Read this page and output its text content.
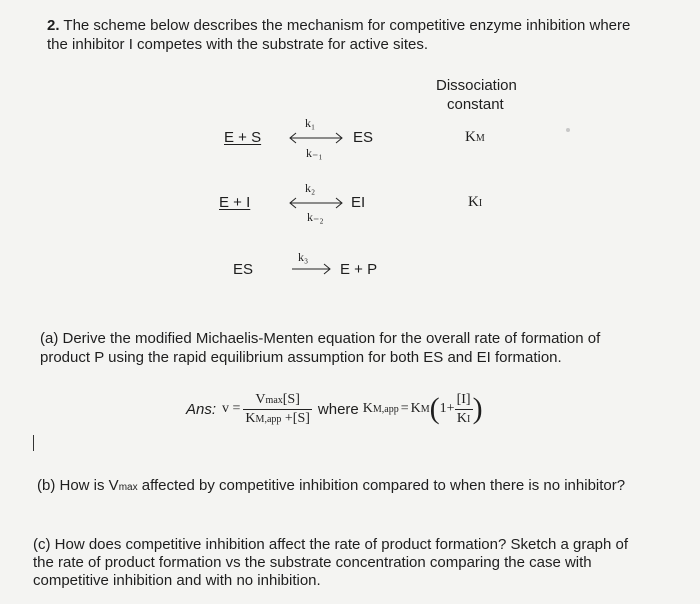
2. The scheme below describes the mechanism for competitive enzyme inhibition where
the inhibitor I competes with the substrate for active sites.
Dissociation
constant
E + S
k₁
k₋₁
ES	KM
E + I
k₂
k₋₂
EI	KI
ES
k₃
E + P
(a) Derive the modified Michaelis-Menten equation for the overall rate of formation of
product P using the rapid equilibrium assumption for both ES and EI formation.
Ans: $v = \frac{Vmax[S]}{\text{KM,app +[S]}}$ where KM,app = KM ( $1+ \frac{[I]}{KI}$ )
(b) How is Vmax affected by competitive inhibition compared to when there is no inhibitor?
(c) How does competitive inhibition affect the rate of product formation? Sketch a graph of
the rate of product formation vs the substrate concentration comparing the case with
competitive inhibition and with no inhibition.
